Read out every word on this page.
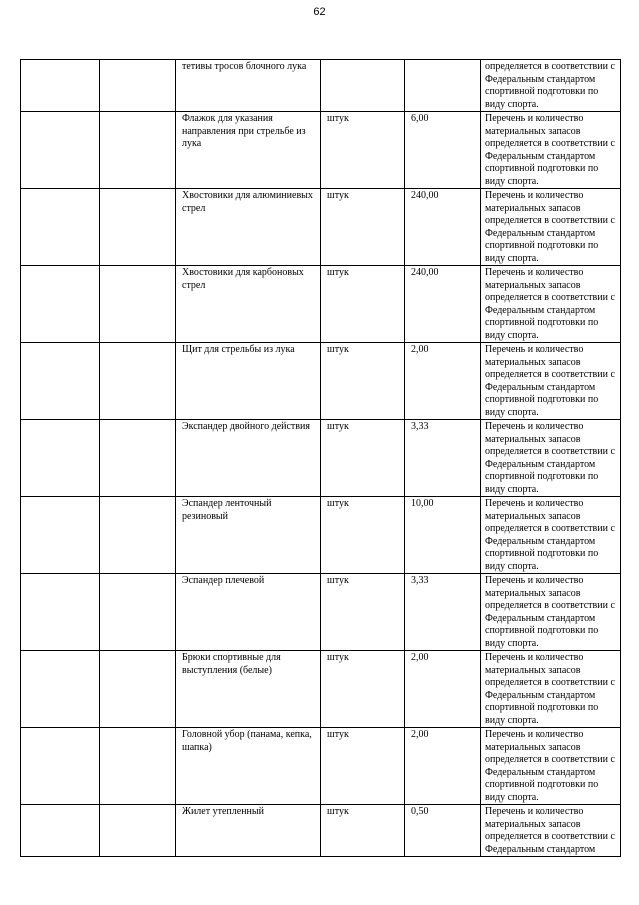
62
		тетивы тросов блочного лука			определяется в соответствии с Федеральным стандартом спортивной подготовки по виду спорта.
		Флажок для указания направления при стрельбе из лука	штук	6,00	Перечень и количество материальных запасов определяется в соответствии с Федеральным стандартом спортивной подготовки по виду спорта.
		Хвостовики для алюминиевых стрел	штук	240,00	Перечень и количество материальных запасов определяется в соответствии с Федеральным стандартом спортивной подготовки по виду спорта.
		Хвостовики для карбоновых стрел	штук	240,00	Перечень и количество материальных запасов определяется в соответствии с Федеральным стандартом спортивной подготовки по виду спорта.
		Щит для стрельбы из лука	штук	2,00	Перечень и количество материальных запасов определяется в соответствии с Федеральным стандартом спортивной подготовки по виду спорта.
		Экспандер двойного действия	штук	3,33	Перечень и количество материальных запасов определяется в соответствии с Федеральным стандартом спортивной подготовки по виду спорта.
		Эспандер ленточный резиновый	штук	10,00	Перечень и количество материальных запасов определяется в соответствии с Федеральным стандартом спортивной подготовки по виду спорта.
		Эспандер плечевой	штук	3,33	Перечень и количество материальных запасов определяется в соответствии с Федеральным стандартом спортивной подготовки по виду спорта.
		Брюки спортивные для выступления (белые)	штук	2,00	Перечень и количество материальных запасов определяется в соответствии с Федеральным стандартом спортивной подготовки по виду спорта.
		Головной убор (панама, кепка, шапка)	штук	2,00	Перечень и количество материальных запасов определяется в соответствии с Федеральным стандартом спортивной подготовки по виду спорта.
		Жилет утепленный	штук	0,50	Перечень и количество материальных запасов определяется в соответствии с Федеральным стандартом
